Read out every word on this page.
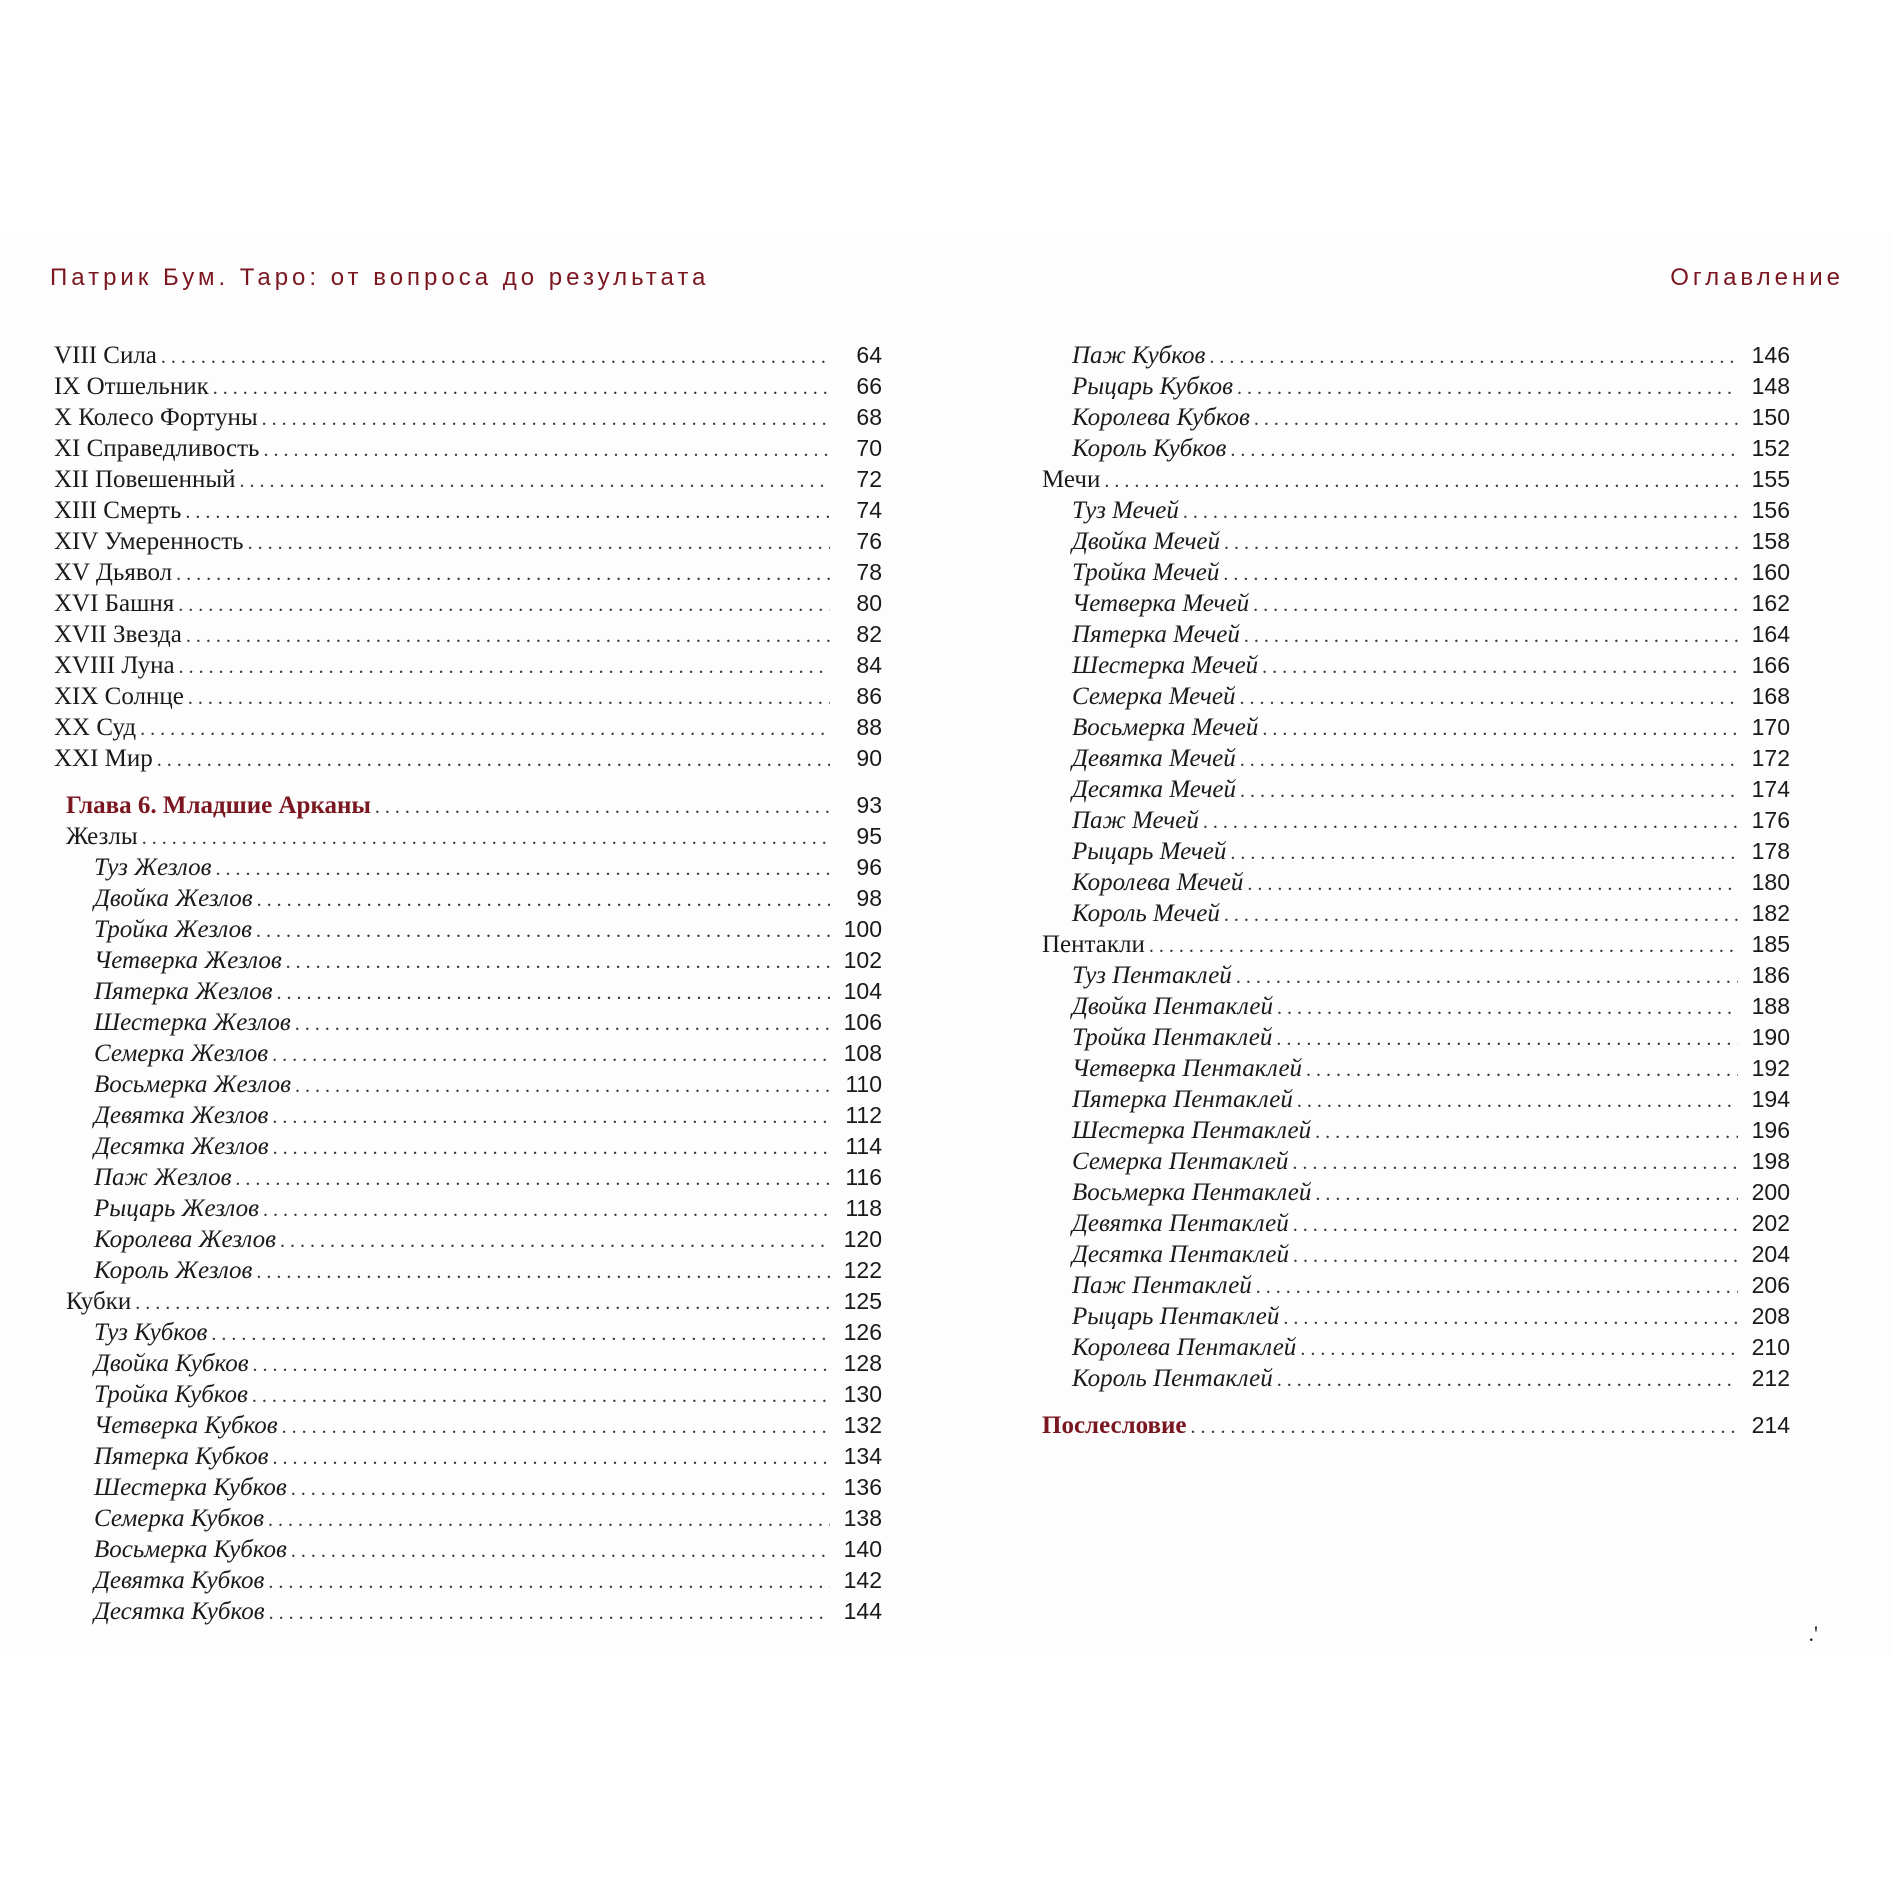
Патрик Бум. Таро: от вопроса до результата
VIII Сила . . .	64
IX Отшельник . . .	66
X Колесо Фортуны . . .	68
XI Справедливость . . .	70
XII Повешенный . . .	72
XIII Смерть . . .	74
XIV Умеренность . . .	76
XV Дьявол . . .	78
XVI Башня . . .	80
XVII Звезда . . .	82
XVIII Луна . . .	84
XIX Солнце . . .	86
XX Суд . . .	88
XXI Мир . . .	90
Глава 6. Младшие Арканы . . .	93
Жезлы . . .	95
Туз Жезлов . . .	96
Двойка Жезлов . . .	98
Тройка Жезлов . . .	100
Четверка Жезлов . . .	102
Пятерка Жезлов . . .	104
Шестерка Жезлов . . .	106
Семерка Жезлов . . .	108
Восьмерка Жезлов . . .	110
Девятка Жезлов . . .	112
Десятка Жезлов . . .	114
Паж Жезлов . . .	116
Рыцарь Жезлов . . .	118
Королева Жезлов . . .	120
Король Жезлов . . .	122
Кубки . . .	125
Туз Кубков . . .	126
Двойка Кубков . . .	128
Тройка Кубков . . .	130
Четверка Кубков . . .	132
Пятерка Кубков . . .	134
Шестерка Кубков . . .	136
Семерка Кубков . . .	138
Восьмерка Кубков . . .	140
Девятка Кубков . . .	142
Десятка Кубков . . .	144
Оглавление
Паж Кубков . . .	146
Рыцарь Кубков . . .	148
Королева Кубков . . .	150
Король Кубков . . .	152
Мечи . . .	155
Туз Мечей . . .	156
Двойка Мечей . . .	158
Тройка Мечей . . .	160
Четверка Мечей . . .	162
Пятерка Мечей . . .	164
Шестерка Мечей . . .	166
Семерка Мечей . . .	168
Восьмерка Мечей . . .	170
Девятка Мечей . . .	172
Десятка Мечей . . .	174
Паж Мечей . . .	176
Рыцарь Мечей . . .	178
Королева Мечей . . .	180
Король Мечей . . .	182
Пентакли . . .	185
Туз Пентаклей . . .	186
Двойка Пентаклей . . .	188
Тройка Пентаклей . . .	190
Четверка Пентаклей . . .	192
Пятерка Пентаклей . . .	194
Шестерка Пентаклей . . .	196
Семерка Пентаклей . . .	198
Восьмерка Пентаклей . . .	200
Девятка Пентаклей . . .	202
Десятка Пентаклей . . .	204
Паж Пентаклей . . .	206
Рыцарь Пентаклей . . .	208
Королева Пентаклей . . .	210
Король Пентаклей . . .	212
Послесловие . . .	214
.'
